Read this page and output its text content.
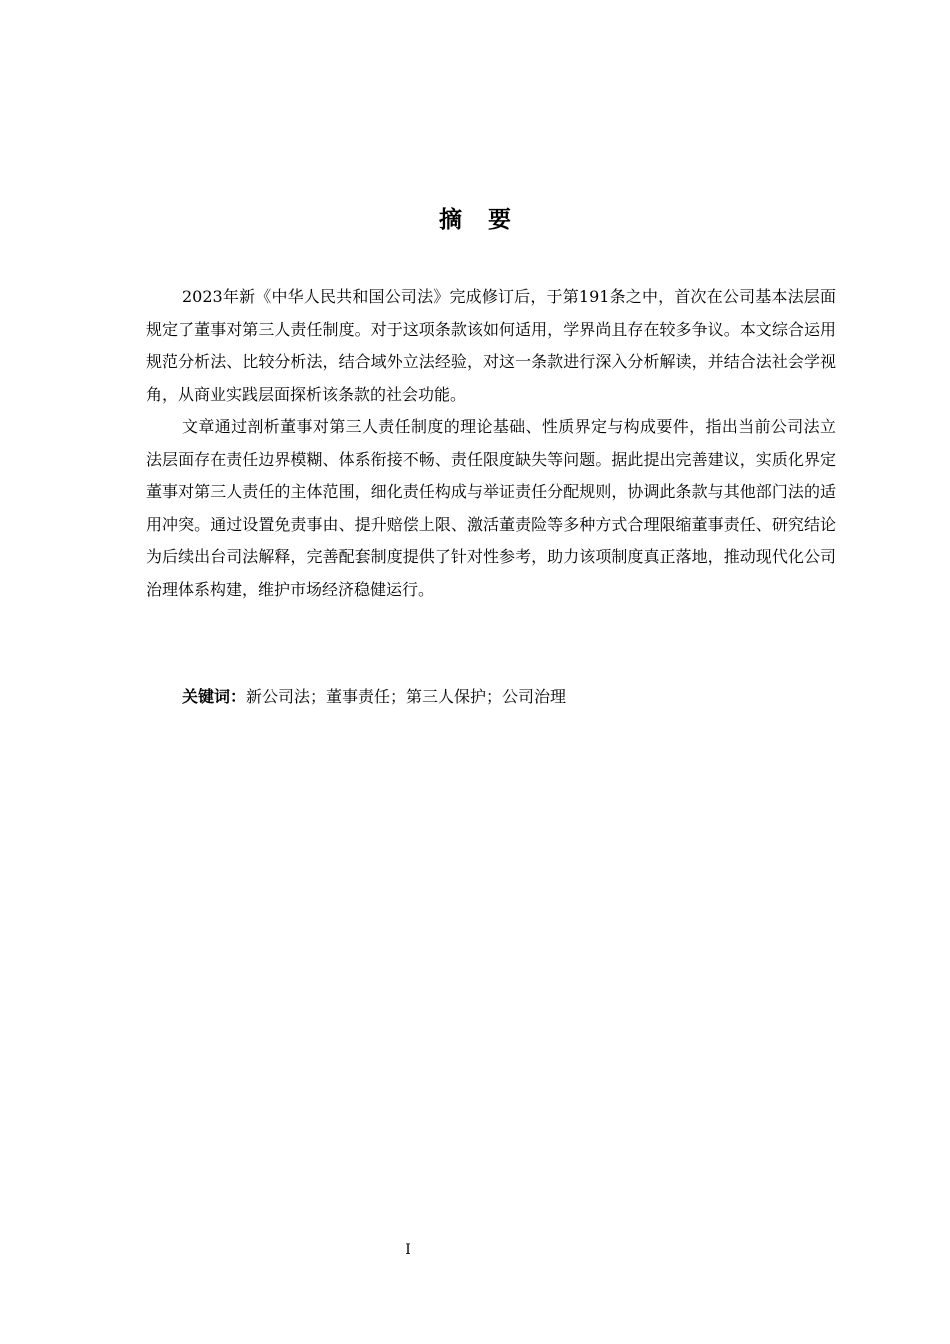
摘要

2023年新《中华人民共和国公司法》完成修订后，于第191条之中，首次在公司基本法层面规定了董事对第三人责任制度。对于这项条款该如何适用，学界尚且存在较多争议。本文综合运用规范分析法、比较分析法，结合域外立法经验，对这一条款进行深入分析解读，并结合法社会学视角，从商业实践层面探析该条款的社会功能。

文章通过剖析董事对第三人责任制度的理论基础、性质界定与构成要件，指出当前公司法立法层面存在责任边界模糊、体系衔接不畅、责任限度缺失等问题。据此提出完善建议，实质化界定董事对第三人责任的主体范围，细化责任构成与举证责任分配规则，协调此条款与其他部门法的适用冲突。通过设置免责事由、提升赔偿上限、激活董责险等多种方式合理限缩董事责任、研究结论为后续出台司法解释，完善配套制度提供了针对性参考，助力该项制度真正落地，推动现代化公司治理体系构建，维护市场经济稳健运行。

关键词：新公司法；董事责任；第三人保护；公司治理
I
